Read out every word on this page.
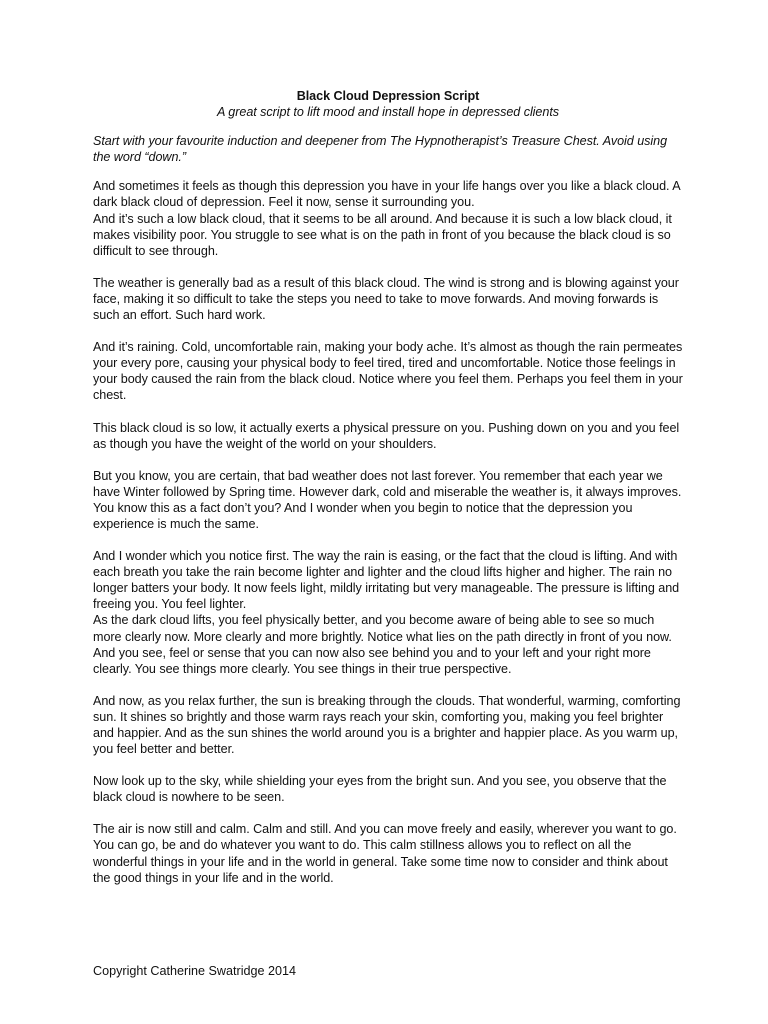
Black Cloud Depression Script

A great script to lift mood and install hope in depressed clients

Start with your favourite induction and deepener from The Hypnotherapist’s Treasure Chest. Avoid using the word “down.”

And sometimes it feels as though this depression you have in your life hangs over you like a black cloud. A dark black cloud of depression. Feel it now, sense it surrounding you.
And it’s such a low black cloud, that it seems to be all around. And because it is such a low black cloud, it makes visibility poor. You struggle to see what is on the path in front of you because the black cloud is so difficult to see through.
The weather is generally bad as a result of this black cloud. The wind is strong and is blowing against your face, making it so difficult to take the steps you need to take to move forwards. And moving forwards is such an effort. Such hard work.
And it’s raining. Cold, uncomfortable rain, making your body ache. It’s almost as though the rain permeates your every pore, causing your physical body to feel tired, tired and uncomfortable. Notice those feelings in your body caused the rain from the black cloud. Notice where you feel them. Perhaps you feel them in your chest.
This black cloud is so low, it actually exerts a physical pressure on you. Pushing down on you and you feel as though you have the weight of the world on your shoulders.
But you know, you are certain, that bad weather does not last forever. You remember that each year we have Winter followed by Spring time. However dark, cold and miserable the weather is, it always improves. You know this as a fact don’t you? And I wonder when you begin to notice that the depression you experience is much the same.
And I wonder which you notice first. The way the rain is easing, or the fact that the cloud is lifting. And with each breath you take the rain become lighter and lighter and the cloud lifts higher and higher. The rain no longer batters your body. It now feels light, mildly irritating but very manageable. The pressure is lifting and freeing you. You feel lighter.
As the dark cloud lifts, you feel physically better, and you become aware of being able to see so much more clearly now. More clearly and more brightly. Notice what lies on the path directly in front of you now. And you see, feel or sense that you can now also see behind you and to your left and your right more clearly. You see things more clearly. You see things in their true perspective.
And now, as you relax further, the sun is breaking through the clouds. That wonderful, warming, comforting sun. It shines so brightly and those warm rays reach your skin, comforting you, making you feel brighter and happier. And as the sun shines the world around you is a brighter and happier place. As you warm up, you feel better and better.
Now look up to the sky, while shielding your eyes from the bright sun. And you see, you observe that the black cloud is nowhere to be seen.
The air is now still and calm. Calm and still. And you can move freely and easily, wherever you want to go. You can go, be and do whatever you want to do. This calm stillness allows you to reflect on all the wonderful things in your life and in the world in general. Take some time now to consider and think about the good things in your life and in the world.

Copyright Catherine Swatridge 2014
